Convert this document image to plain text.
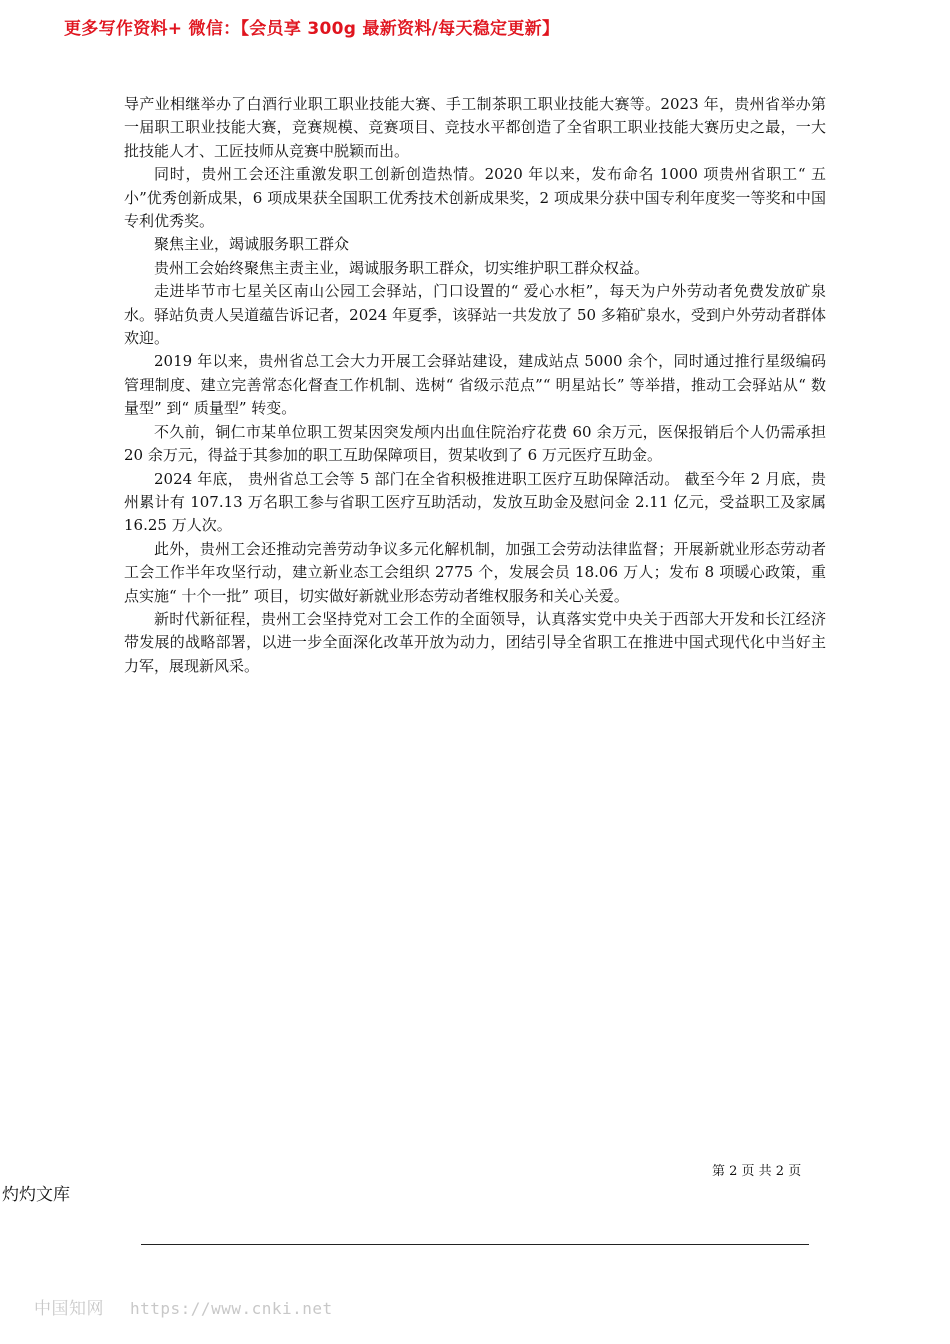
更多写作资料+ 微信：【会员享 300g 最新资料/每天稳定更新】

导产业相继举办了白酒行业职工职业技能大赛、手工制茶职工职业技能大赛等。2023 年，贵州省举办第一届职工职业技能大赛，竞赛规模、竞赛项目、竞技水平都创造了全省职工职业技能大赛历史之最，一大批技能人才、工匠技师从竞赛中脱颖而出。

同时，贵州工会还注重激发职工创新创造热情。2020 年以来，发布命名 1000 项贵州省职工“ 五小”优秀创新成果，6 项成果获全国职工优秀技术创新成果奖，2 项成果分获中国专利年度奖一等奖和中国专利优秀奖。

聚焦主业，竭诚服务职工群众

贵州工会始终聚焦主责主业，竭诚服务职工群众，切实维护职工群众权益。

走进毕节市七星关区南山公园工会驿站，门口设置的“ 爱心水柜”，每天为户外劳动者免费发放矿泉水。驿站负责人吴道蕴告诉记者，2024 年夏季，该驿站一共发放了 50 多箱矿泉水，受到户外劳动者群体欢迎。

2019 年以来，贵州省总工会大力开展工会驿站建设，建成站点 5000 余个，同时通过推行星级编码管理制度、建立完善常态化督查工作机制、选树“ 省级示范点”“ 明星站长” 等举措，推动工会驿站从“ 数量型” 到“ 质量型” 转变。

不久前，铜仁市某单位职工贺某因突发颅内出血住院治疗花费 60 余万元，医保报销后个人仍需承担 20 余万元，得益于其参加的职工互助保障项目，贺某收到了 6 万元医疗互助金。

2024 年底， 贵州省总工会等 5 部门在全省积极推进职工医疗互助保障活动。 截至今年 2 月底，贵州累计有 107.13 万名职工参与省职工医疗互助活动，发放互助金及慰问金 2.11 亿元，受益职工及家属 16.25 万人次。

此外，贵州工会还推动完善劳动争议多元化解机制，加强工会劳动法律监督；开展新就业形态劳动者工会工作半年攻坚行动，建立新业态工会组织 2775 个，发展会员 18.06 万人；发布 8 项暖心政策，重点实施“ 十个一批” 项目，切实做好新就业形态劳动者维权服务和关心关爱。

新时代新征程，贵州工会坚持党对工会工作的全面领导，认真落实党中央关于西部大开发和长江经济带发展的战略部署，以进一步全面深化改革开放为动力，团结引导全省职工在推进中国式现代化中当好主力军，展现新风采。

第 2 页 共 2 页
灼灼文库
中国知网 https://www.cnki.net
